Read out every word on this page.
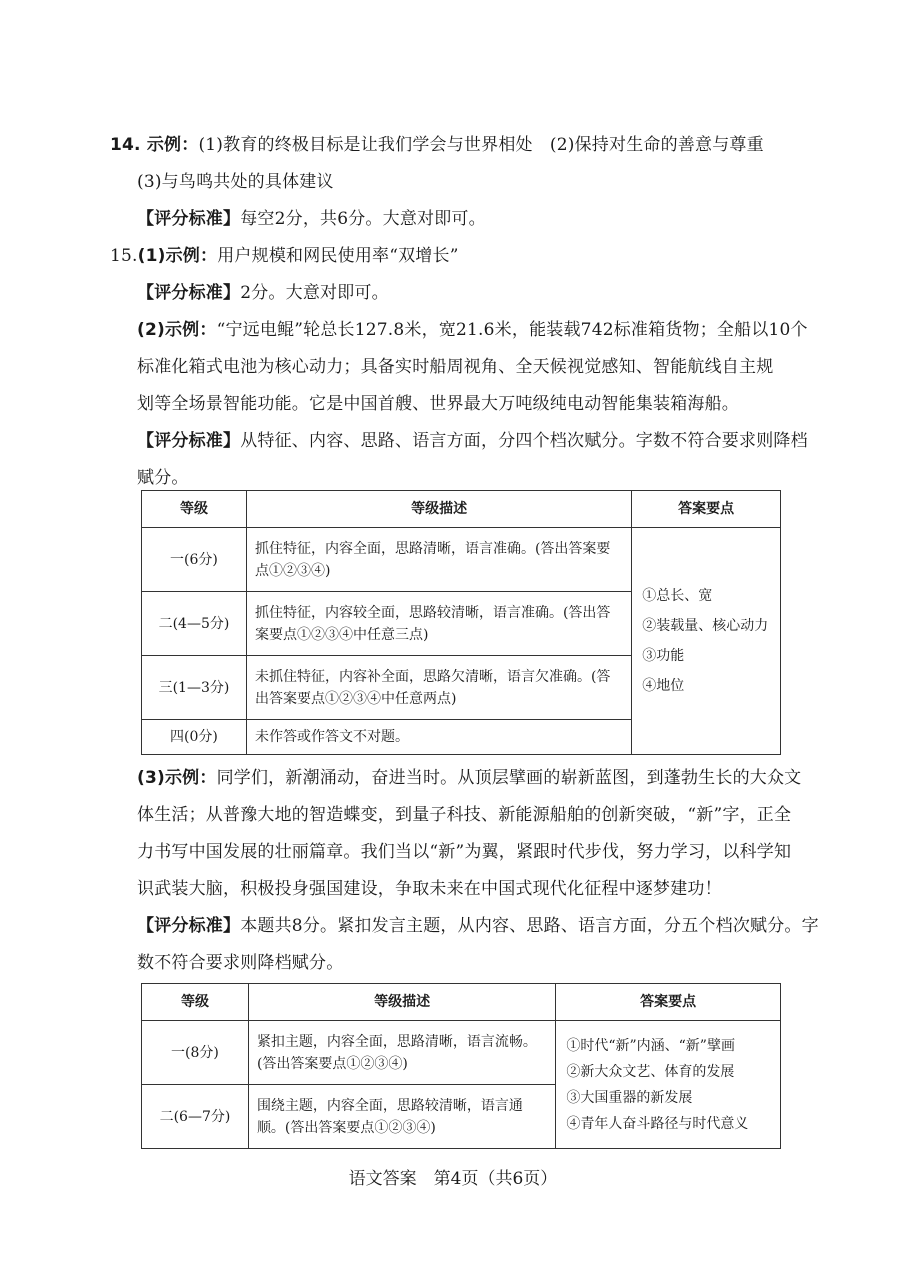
14. 示例：(1)教育的终极目标是让我们学会与世界相处　(2)保持对生命的善意与尊重
(3)与鸟鸣共处的具体建议
【评分标准】每空2分，共6分。大意对即可。
15.(1)示例：用户规模和网民使用率“双增长”
【评分标准】2分。大意对即可。
(2)示例：“宁远电鲲”轮总长127.8米，宽21.6米，能装载742标准箱货物；全船以10个
标准化箱式电池为核心动力；具备实时船周视角、全天候视觉感知、智能航线自主规
划等全场景智能功能。它是中国首艘、世界最大万吨级纯电动智能集装箱海船。
【评分标准】从特征、内容、思路、语言方面，分四个档次赋分。字数不符合要求则降档
赋分。
等级	等级描述	答案要点
一(6分)	抓住特征，内容全面，思路清晰，语言准确。(答出答案要点①②③④)	①总长、宽
②装载量、核心动力
③功能
④地位

二(4—5分)	抓住特征，内容较全面，思路较清晰，语言准确。(答出答案要点①②③④中任意三点)	
三(1—3分)	未抓住特征，内容补全面，思路欠清晰，语言欠准确。(答出答案要点①②③④中任意两点)	
四(0分)	未作答或作答文不对题。	
(3)示例：同学们，新潮涌动，奋进当时。从顶层擘画的崭新蓝图，到蓬勃生长的大众文
体生活；从普豫大地的智造蝶变，到量子科技、新能源船舶的创新突破，“新”字，正全
力书写中国发展的壮丽篇章。我们当以“新”为翼，紧跟时代步伐，努力学习，以科学知
识武装大脑，积极投身强国建设，争取未来在中国式现代化征程中逐梦建功！
【评分标准】本题共8分。紧扣发言主题，从内容、思路、语言方面，分五个档次赋分。字
数不符合要求则降档赋分。
等级	等级描述	答案要点
一(8分)	紧扣主题，内容全面，思路清晰，语言流畅。(答出答案要点①②③④)	①时代“新”内涵、“新”擘画
②新大众文艺、体育的发展
③大国重器的新发展
④青年人奋斗路径与时代意义

二(6—7分)	围绕主题，内容全面，思路较清晰，语言通顺。(答出答案要点①②③④)	
语文答案　第4页（共6页）
